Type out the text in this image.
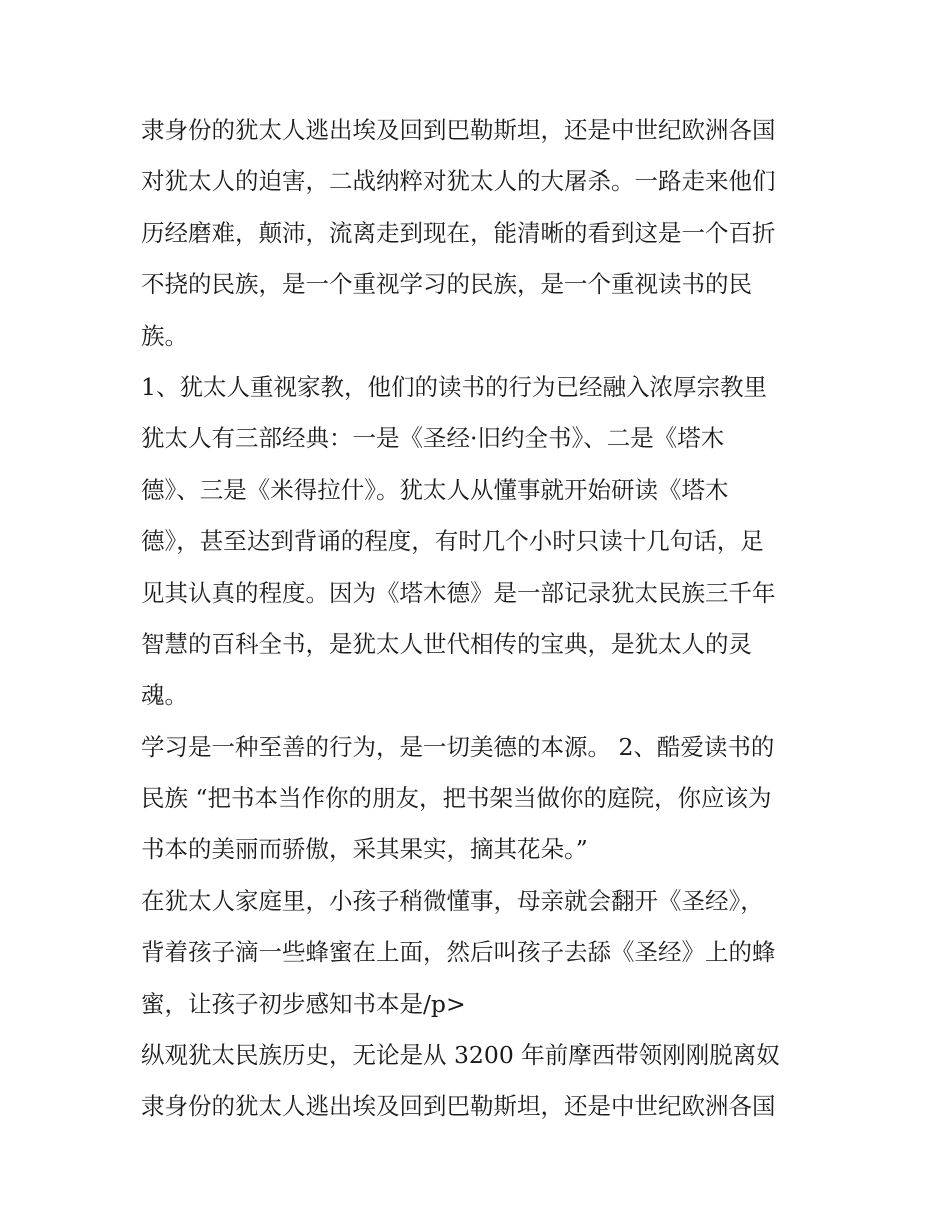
隶身份的犹太人逃出埃及回到巴勒斯坦，还是中世纪欧洲各国
对犹太人的迫害，二战纳粹对犹太人的大屠杀。一路走来他们
历经磨难，颠沛，流离走到现在，能清晰的看到这是一个百折
不挠的民族，是一个重视学习的民族，是一个重视读书的民
族。

1、犹太人重视家教，他们的读书的行为已经融入浓厚宗教里
犹太人有三部经典：一是《圣经·旧约全书》、二是《塔木
德》、三是《米得拉什》。犹太人从懂事就开始研读《塔木
德》，甚至达到背诵的程度，有时几个小时只读十几句话，足
见其认真的程度。因为《塔木德》是一部记录犹太民族三千年
智慧的百科全书，是犹太人世代相传的宝典，是犹太人的灵
魂。

学习是一种至善的行为，是一切美德的本源。 2、酷爱读书的
民族 “把书本当作你的朋友，把书架当做你的庭院，你应该为
书本的美丽而骄傲，采其果实，摘其花朵。”

在犹太人家庭里，小孩子稍微懂事，母亲就会翻开《圣经》，
背着孩子滴一些蜂蜜在上面，然后叫孩子去舔《圣经》上的蜂
蜜，让孩子初步感知书本是/p>

纵观犹太民族历史，无论是从 3200 年前摩西带领刚刚脱离奴
隶身份的犹太人逃出埃及回到巴勒斯坦，还是中世纪欧洲各国
